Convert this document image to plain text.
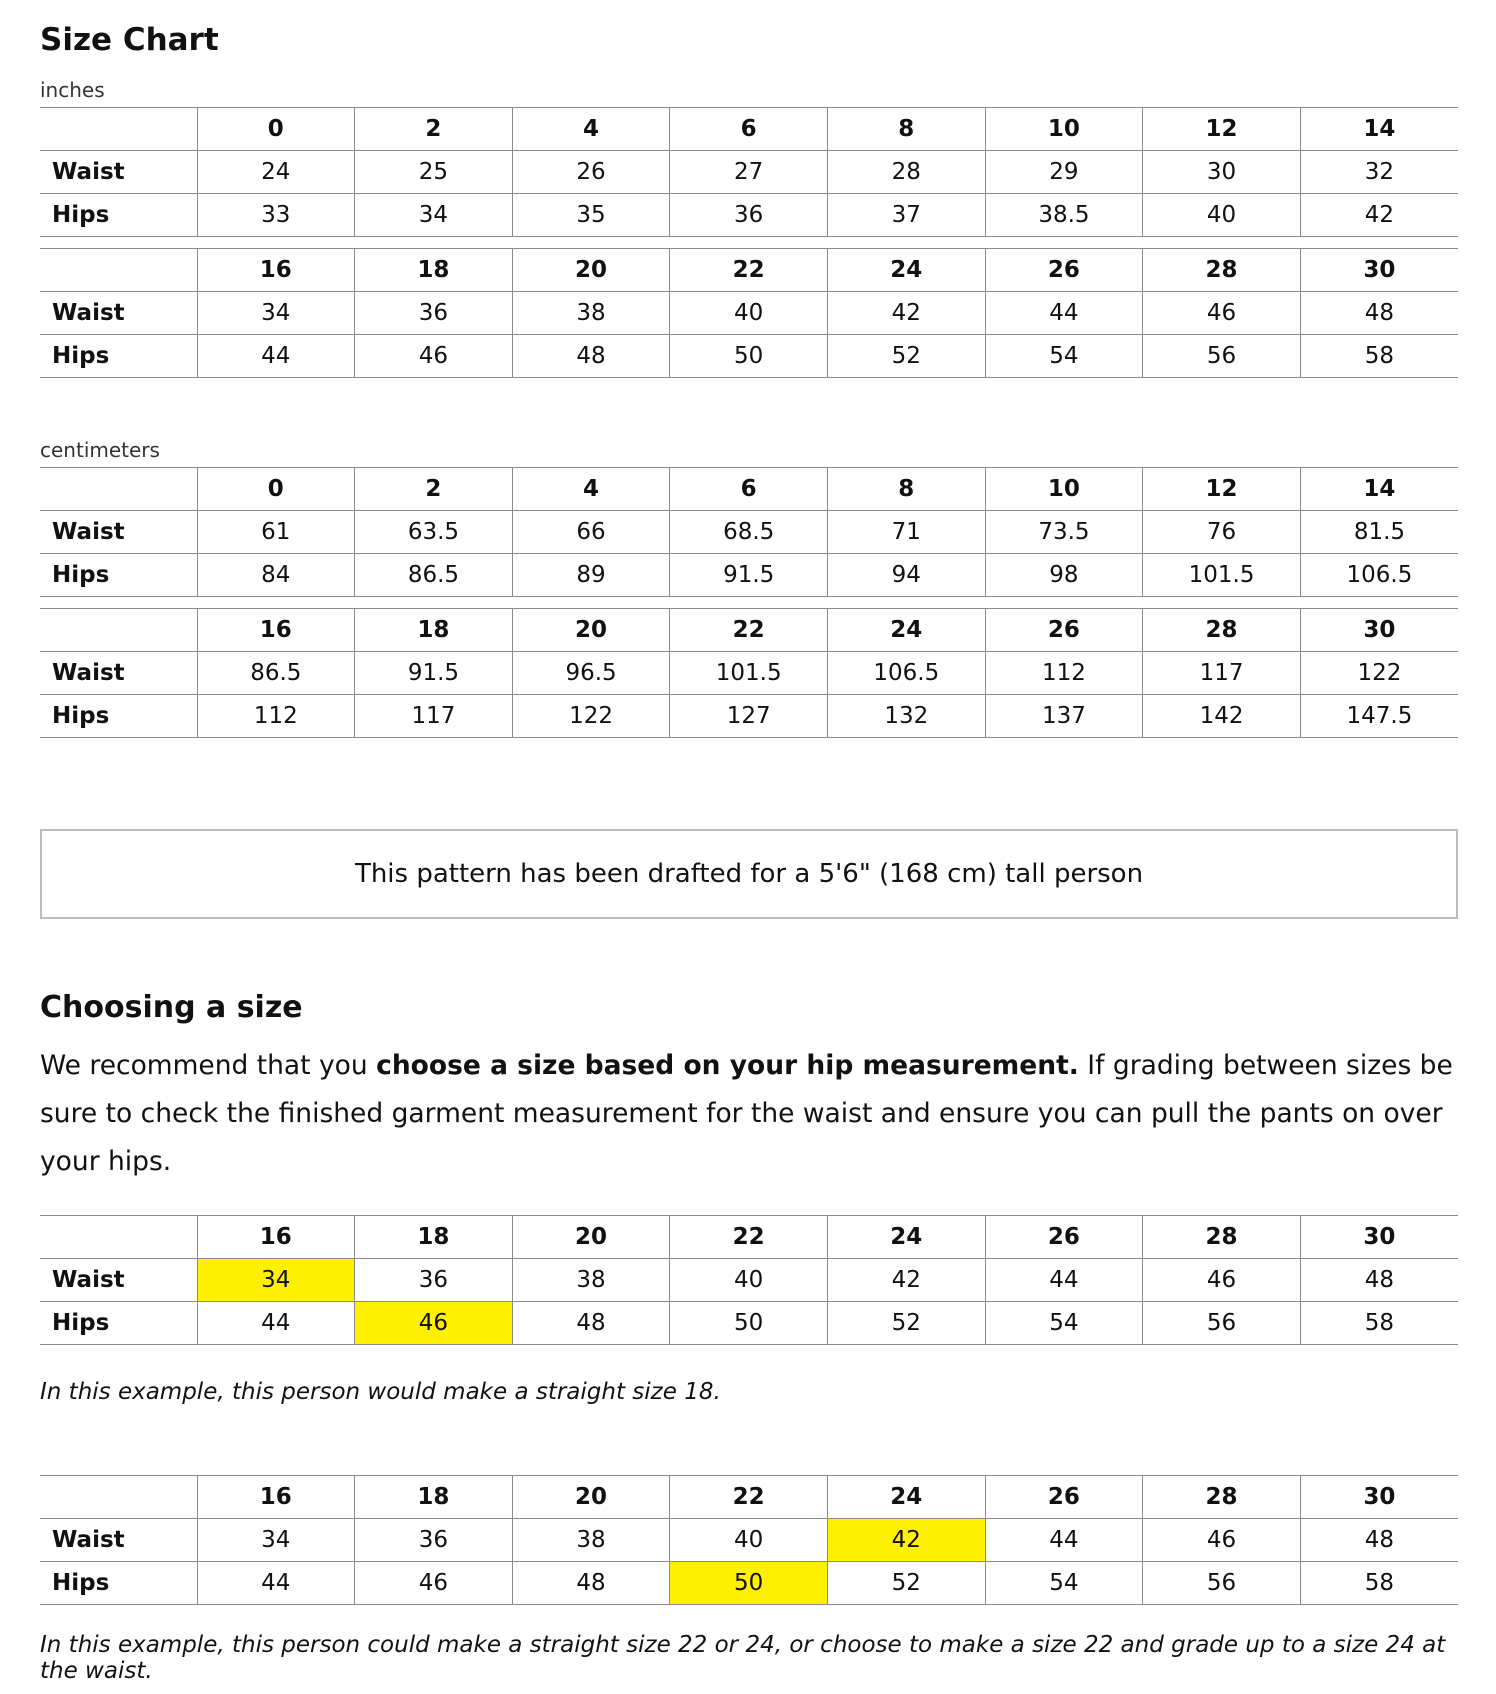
Size Chart
inches
	0	2	4	6	8	10	12	14
Waist	24	25	26	27	28	29	30	32
Hips	33	34	35	36	37	38.5	40	42
	16	18	20	22	24	26	28	30
Waist	34	36	38	40	42	44	46	48
Hips	44	46	48	50	52	54	56	58
centimeters
	0	2	4	6	8	10	12	14
Waist	61	63.5	66	68.5	71	73.5	76	81.5
Hips	84	86.5	89	91.5	94	98	101.5	106.5
	16	18	20	22	24	26	28	30
Waist	86.5	91.5	96.5	101.5	106.5	112	117	122
Hips	112	117	122	127	132	137	142	147.5
This pattern has been drafted for a 5'6" (168 cm) tall person
Choosing a size
We recommend that you choose a size based on your hip measurement. If grading between sizes be sure to check the finished garment measurement for the waist and ensure you can pull the pants on over your hips.
	16	18	20	22	24	26	28	30
Waist	34	36	38	40	42	44	46	48
Hips	44	46	48	50	52	54	56	58
In this example, this person would make a straight size 18.
	16	18	20	22	24	26	28	30
Waist	34	36	38	40	42	44	46	48
Hips	44	46	48	50	52	54	56	58
In this example, this person could make a straight size 22 or 24, or choose to make a size 22 and grade up to a size 24 at the waist.
